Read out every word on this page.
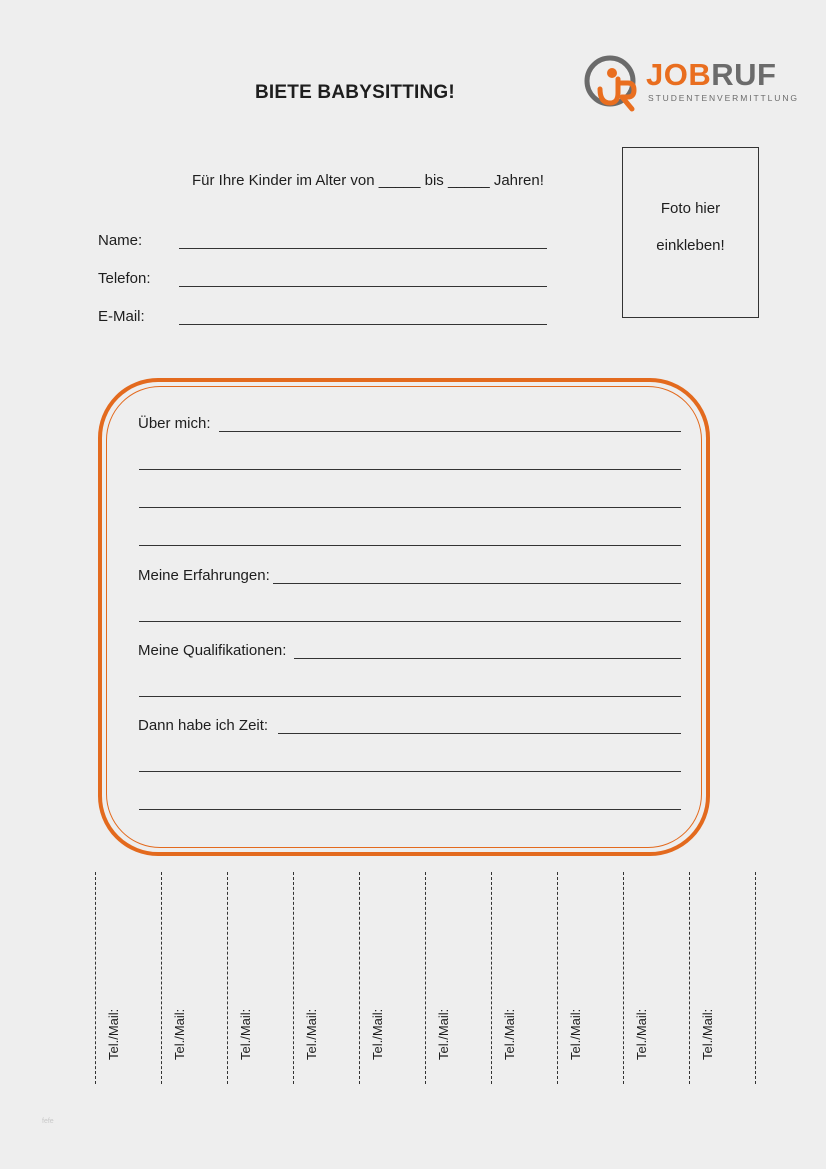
BIETE BABYSITTING!
JOBRUF
STUDENTENVERMITTLUNG
Foto hier
einkleben!
Für Ihre Kinder im Alter von _____ bis _____ Jahren!
Name:
Telefon:
E-Mail:
Über mich:
Meine Erfahrungen:
Meine Qualifikationen:
Dann habe ich Zeit:
Tel./Mail:	Tel./Mail:	Tel./Mail:	Tel./Mail:	Tel./Mail:	Tel./Mail:	Tel./Mail:	Tel./Mail:	Tel./Mail:	Tel./Mail:
fefe
